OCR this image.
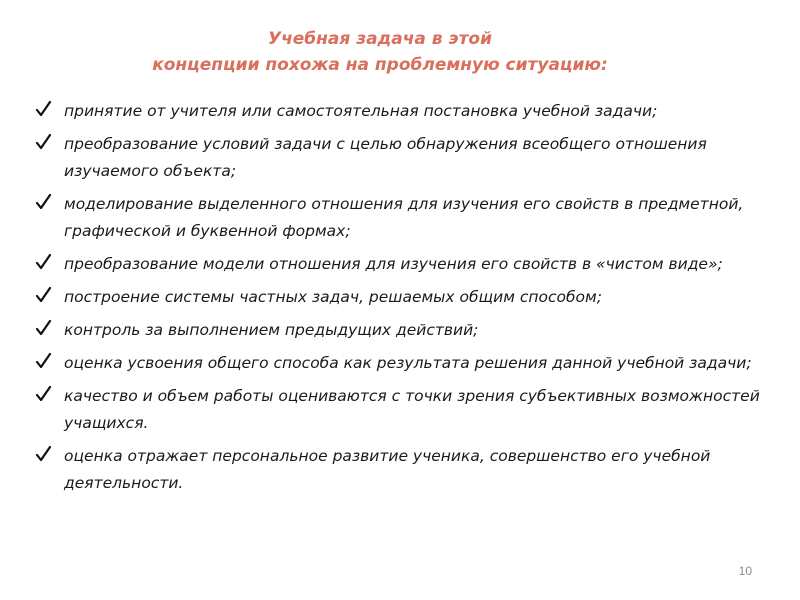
Учебная задача в этой
концепции похожа на проблемную ситуацию:
принятие от учителя или самостоятельная постановка учебной задачи;
преобразование условий задачи с целью обнаружения всеобщего отношения изучаемого объекта;
моделирование выделенного отношения для изучения его свойств в предметной, графической и буквенной формах;
преобразование модели отношения для изучения его свойств в «чистом виде»;
построение системы частных задач, решаемых общим способом;
контроль за выполнением предыдущих действий;
оценка усвоения общего способа как результата решения данной учебной задачи;
качество и объем работы оцениваются с точки зрения субъективных возможностей учащихся.
оценка отражает персональное развитие ученика, совершенство его учебной деятельности.
10
